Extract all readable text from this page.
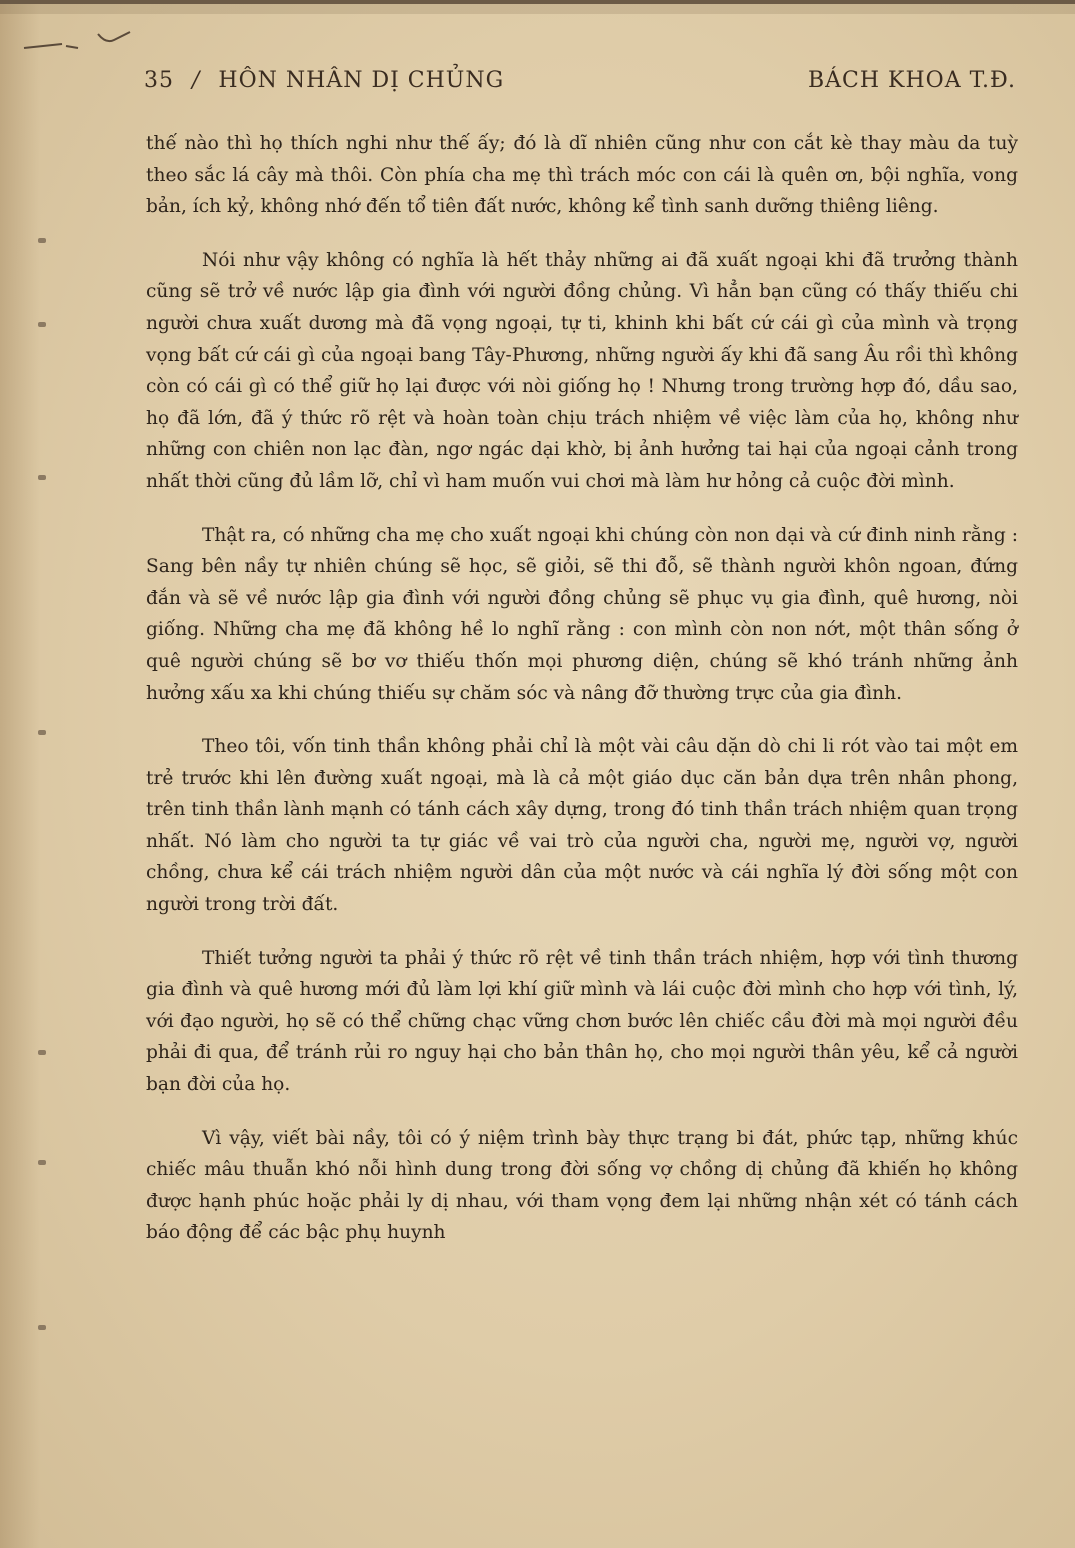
35 / HÔN NHÂN DỊ CHỦNG	BÁCH KHOA T.Đ.

thế nào thì họ thích nghi như thế ấy; đó là dĩ nhiên cũng như con cắt kè thay màu da tuỳ theo sắc lá cây mà thôi. Còn phía cha mẹ thì trách móc con cái là quên ơn, bội nghĩa, vong bản, ích kỷ, không nhớ đến tổ tiên đất nước, không kể tình sanh dưỡng thiêng liêng.

Nói như vậy không có nghĩa là hết thảy những ai đã xuất ngoại khi đã trưởng thành cũng sẽ trở về nước lập gia đình với người đồng chủng. Vì hẳn bạn cũng có thấy thiếu chi người chưa xuất dương mà đã vọng ngoại, tự ti, khinh khi bất cứ cái gì của mình và trọng vọng bất cứ cái gì của ngoại bang Tây-Phương, những người ấy khi đã sang Âu rồi thì không còn có cái gì có thể giữ họ lại được với nòi giống họ ! Nhưng trong trường hợp đó, dầu sao, họ đã lớn, đã ý thức rõ rệt và hoàn toàn chịu trách nhiệm về việc làm của họ, không như những con chiên non lạc đàn, ngơ ngác dại khờ, bị ảnh hưởng tai hại của ngoại cảnh trong nhất thời cũng đủ lầm lỡ, chỉ vì ham muốn vui chơi mà làm hư hỏng cả cuộc đời mình.

Thật ra, có những cha mẹ cho xuất ngoại khi chúng còn non dại và cứ đinh ninh rằng : Sang bên nầy tự nhiên chúng sẽ học, sẽ giỏi, sẽ thi đỗ, sẽ thành người khôn ngoan, đứng đắn và sẽ về nước lập gia đình với người đồng chủng sẽ phục vụ gia đình, quê hương, nòi giống. Những cha mẹ đã không hề lo nghĩ rằng : con mình còn non nớt, một thân sống ở quê người chúng sẽ bơ vơ thiếu thốn mọi phương diện, chúng sẽ khó tránh những ảnh hưởng xấu xa khi chúng thiếu sự chăm sóc và nâng đỡ thường trực của gia đình.

Theo tôi, vốn tinh thần không phải chỉ là một vài câu dặn dò chi li rót vào tai một em trẻ trước khi lên đường xuất ngoại, mà là cả một giáo dục căn bản dựa trên nhân phong, trên tinh thần lành mạnh có tánh cách xây dựng, trong đó tinh thần trách nhiệm quan trọng nhất. Nó làm cho người ta tự giác về vai trò của người cha, người mẹ, người vợ, người chồng, chưa kể cái trách nhiệm người dân của một nước và cái nghĩa lý đời sống một con người trong trời đất.

Thiết tưởng người ta phải ý thức rõ rệt về tinh thần trách nhiệm, hợp với tình thương gia đình và quê hương mới đủ làm lợi khí giữ mình và lái cuộc đời mình cho hợp với tình, lý, với đạo người, họ sẽ có thể chững chạc vững chơn bước lên chiếc cầu đời mà mọi người đều phải đi qua, để tránh rủi ro nguy hại cho bản thân họ, cho mọi người thân yêu, kể cả người bạn đời của họ.

Vì vậy, viết bài nầy, tôi có ý niệm trình bày thực trạng bi đát, phức tạp, những khúc chiếc mâu thuẫn khó nỗi hình dung trong đời sống vợ chồng dị chủng đã khiến họ không được hạnh phúc hoặc phải ly dị nhau, với tham vọng đem lại những nhận xét có tánh cách báo động để các bậc phụ huynh
